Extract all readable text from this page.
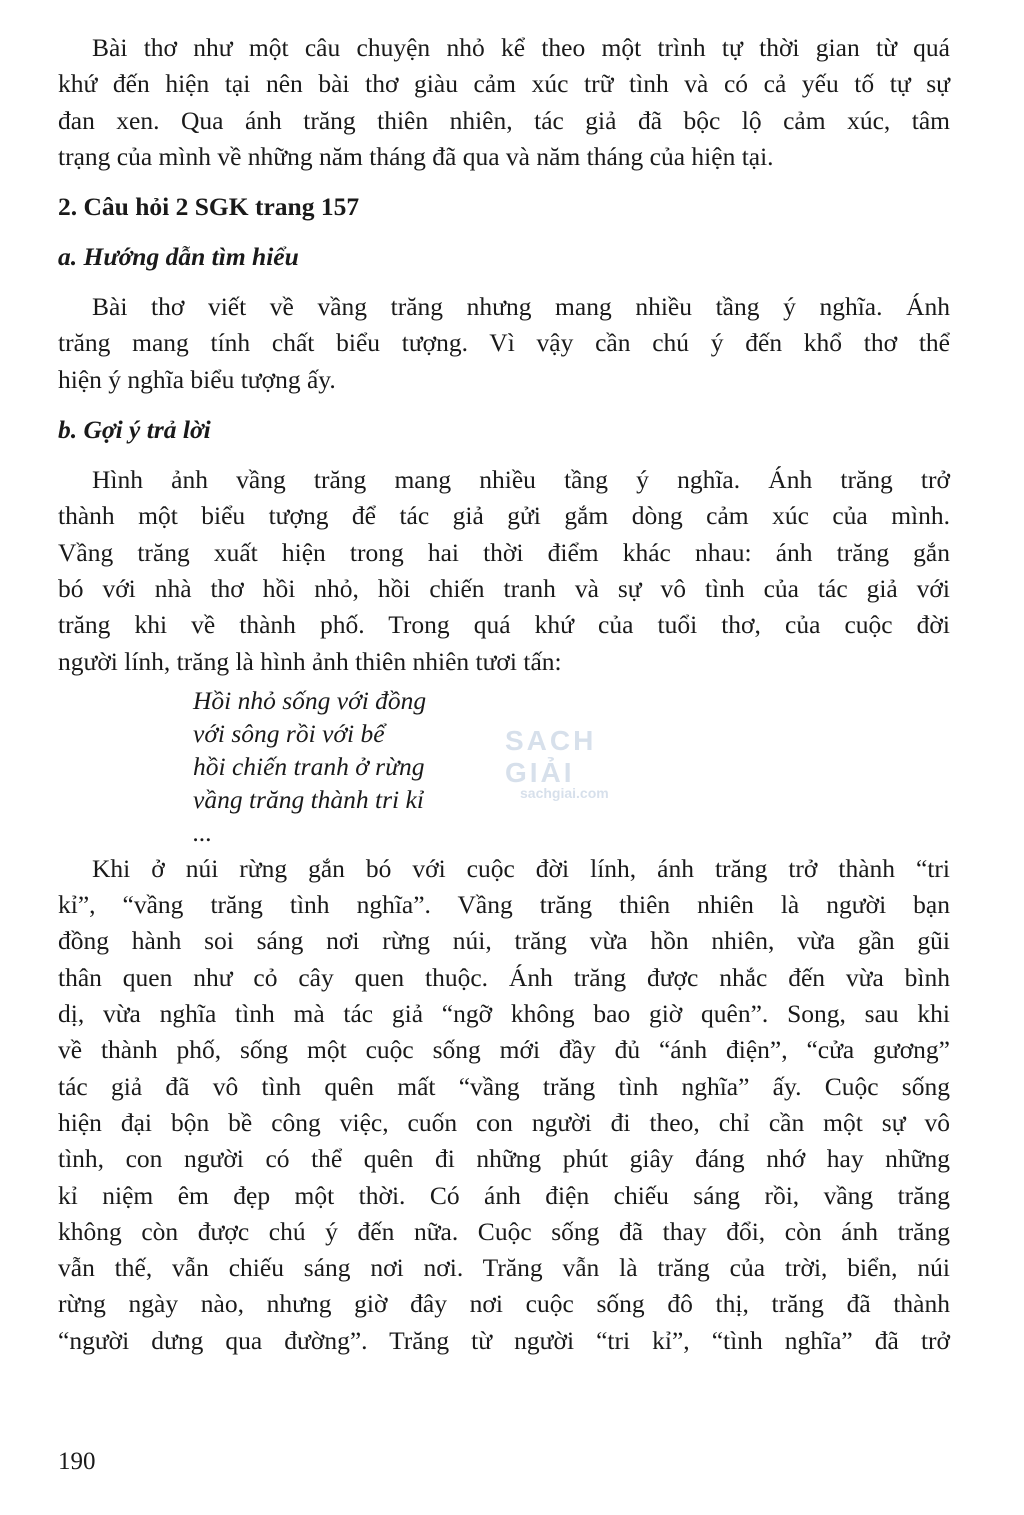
Bài thơ như một câu chuyện nhỏ kể theo một trình tự thời gian từ quá
khứ đến hiện tại nên bài thơ giàu cảm xúc trữ tình và có cả yếu tố tự sự
đan xen. Qua ánh trăng thiên nhiên, tác giả đã bộc lộ cảm xúc, tâm
trạng của mình về những năm tháng đã qua và năm tháng của hiện tại.

2. Câu hỏi 2 SGK trang 157
a. Hướng dẫn tìm hiểu

Bài thơ viết về vầng trăng nhưng mang nhiều tầng ý nghĩa. Ánh
trăng mang tính chất biểu tượng. Vì vậy cần chú ý đến khổ thơ thể
hiện ý nghĩa biểu tượng ấy.

b. Gợi ý trả lời

Hình ảnh vầng trăng mang nhiều tầng ý nghĩa. Ánh trăng trở
thành một biểu tượng để tác giả gửi gắm dòng cảm xúc của mình.
Vầng trăng xuất hiện trong hai thời điểm khác nhau: ánh trăng gắn
bó với nhà thơ hồi nhỏ, hồi chiến tranh và sự vô tình của tác giả với
trăng khi về thành phố. Trong quá khứ của tuổi thơ, của cuộc đời
người lính, trăng là hình ảnh thiên nhiên tươi tấn:

Hồi nhỏ sống với đồng
với sông rồi với bể
hồi chiến tranh ở rừng
vầng trăng thành tri kỉ
...

Khi ở núi rừng gắn bó với cuộc đời lính, ánh trăng trở thành “tri
kỉ”, “vầng trăng tình nghĩa”. Vầng trăng thiên nhiên là người bạn
đồng hành soi sáng nơi rừng núi, trăng vừa hồn nhiên, vừa gần gũi
thân quen như cỏ cây quen thuộc. Ánh trăng được nhắc đến vừa bình
dị, vừa nghĩa tình mà tác giả “ngỡ không bao giờ quên”. Song, sau khi
về thành phố, sống một cuộc sống mới đầy đủ “ánh điện”, “cửa gương”
tác giả đã vô tình quên mất “vầng trăng tình nghĩa” ấy. Cuộc sống
hiện đại bộn bề công việc, cuốn con người đi theo, chỉ cần một sự vô
tình, con người có thể quên đi những phút giây đáng nhớ hay những
kỉ niệm êm đẹp một thời. Có ánh điện chiếu sáng rồi, vầng trăng
không còn được chú ý đến nữa. Cuộc sống đã thay đổi, còn ánh trăng
vẫn thế, vẫn chiếu sáng nơi nơi. Trăng vẫn là trăng của trời, biển, núi
rừng ngày nào, nhưng giờ đây nơi cuộc sống đô thị, trăng đã thành
“người dưng qua đường”. Trăng từ người “tri kỉ”, “tình nghĩa” đã trở

SACH GIẢI
sachgiai.com
190
